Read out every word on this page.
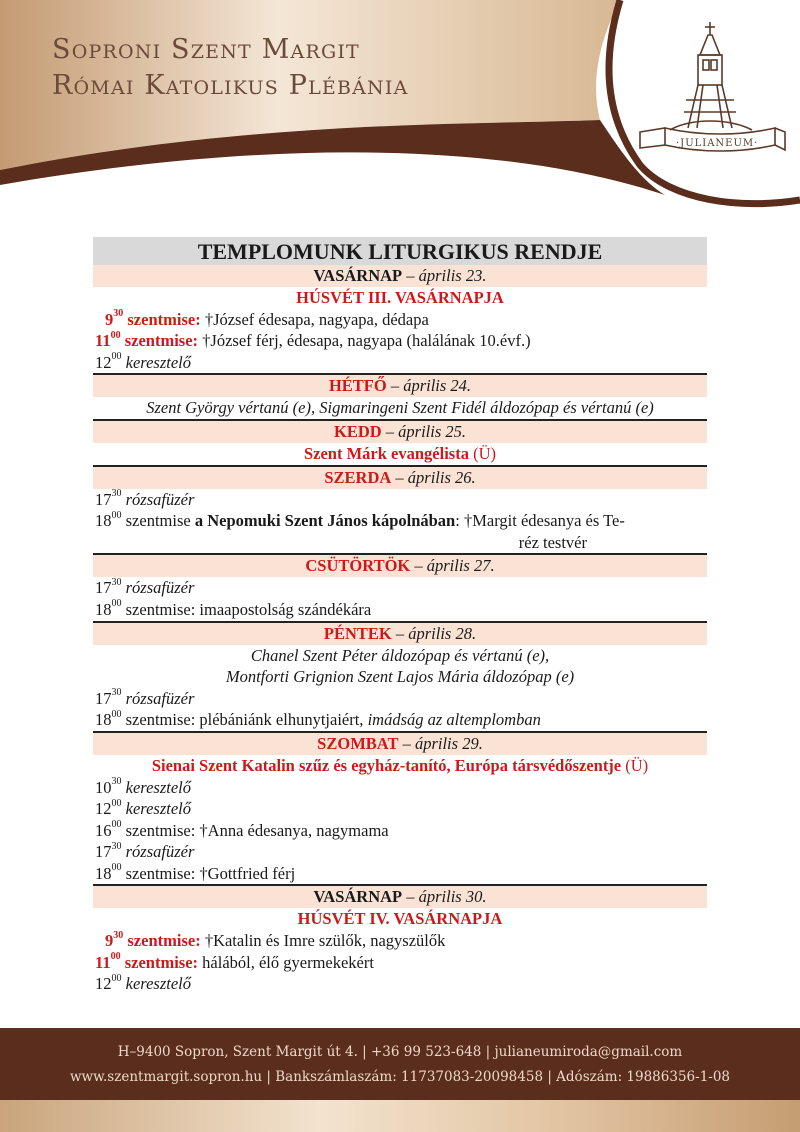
Soproni Szent Margit
Római Katolikus Plébánia
·JULIANEUM·
TEMPLOMUNK LITURGIKUS RENDJE
VASÁRNAP – április 23.
HÚSVÉT III. VASÁRNAPJA
$9^{30}$ szentmise: †József édesapa, nagyapa, dédapa
$11^{00}$ szentmise: †József férj, édesapa, nagyapa (halálának 10.évf.)
$12^{00}$ keresztelő
HÉTFŐ – április 24.
Szent György vértanú (e), Sigmaringeni Szent Fidél áldozópap és vértanú (e)
KEDD – április 25.
Szent Márk evangélista (Ü)
SZERDA – április 26.
$17^{30}$ rózsafüzér
$18^{00}$ szentmise a Nepomuki Szent János kápolnában: †Margit édesanya és Te-
réz testvér
CSÜTÖRTÖK – április 27.
$17^{30}$ rózsafüzér
$18^{00}$ szentmise: imaapostolság szándékára
PÉNTEK – április 28.
Chanel Szent Péter áldozópap és vértanú (e),
Montforti Grignion Szent Lajos Mária áldozópap (e)
$17^{30}$ rózsafüzér
$18^{00}$ szentmise: plébániánk elhunytjaiért, imádság az altemplomban
SZOMBAT – április 29.
Sienai Szent Katalin szűz és egyház-tanító, Európa társvédőszentje (Ü)
$10^{30}$ keresztelő
$12^{00}$ keresztelő
$16^{00}$ szentmise: †Anna édesanya, nagymama
$17^{30}$ rózsafüzér
$18^{00}$ szentmise: †Gottfried férj
VASÁRNAP – április 30.
HÚSVÉT IV. VASÁRNAPJA
$9^{30}$ szentmise: †Katalin és Imre szülők, nagyszülők
$11^{00}$ szentmise: hálából, élő gyermekekért
$12^{00}$ keresztelő
H–9400 Sopron, Szent Margit út 4. | +36 99 523-648 | julianeumiroda@gmail.com
www.szentmargit.sopron.hu | Bankszámlaszám: 11737083-20098458 | Adószám: 19886356-1-08
